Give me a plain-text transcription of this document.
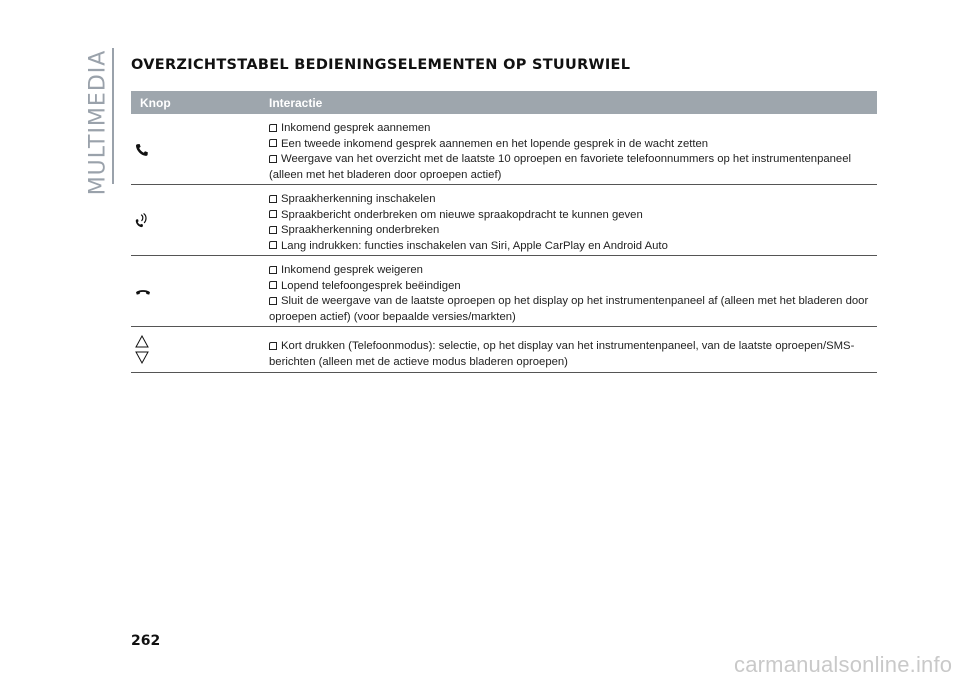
MULTIMEDIA OVERZICHTSTABEL BEDIENINGSELEMENTEN OP STUURWIEL
Knop	Interactie
Inkomend gesprek aannemen
Een tweede inkomend gesprek aannemen en het lopende gesprek in de wacht zetten
Weergave van het overzicht met de laatste 10 oproepen en favoriete telefoonnummers op het instrumentenpaneel (alleen met het bladeren door oproepen actief)
Spraakherkenning inschakelen
Spraakbericht onderbreken om nieuwe spraakopdracht te kunnen geven
Spraakherkenning onderbreken
Lang indrukken: functies inschakelen van Siri, Apple CarPlay en Android Auto
Inkomend gesprek weigeren
Lopend telefoongesprek beëindigen
Sluit de weergave van de laatste oproepen op het display op het instrumentenpaneel af (alleen met het bladeren door oproepen actief) (voor bepaalde versies/markten)
Kort drukken (Telefoonmodus): selectie, op het display van het instrumentenpaneel, van de laatste oproepen/SMS-berichten (alleen met de actieve modus bladeren oproepen)
262
carmanualsonline.info
